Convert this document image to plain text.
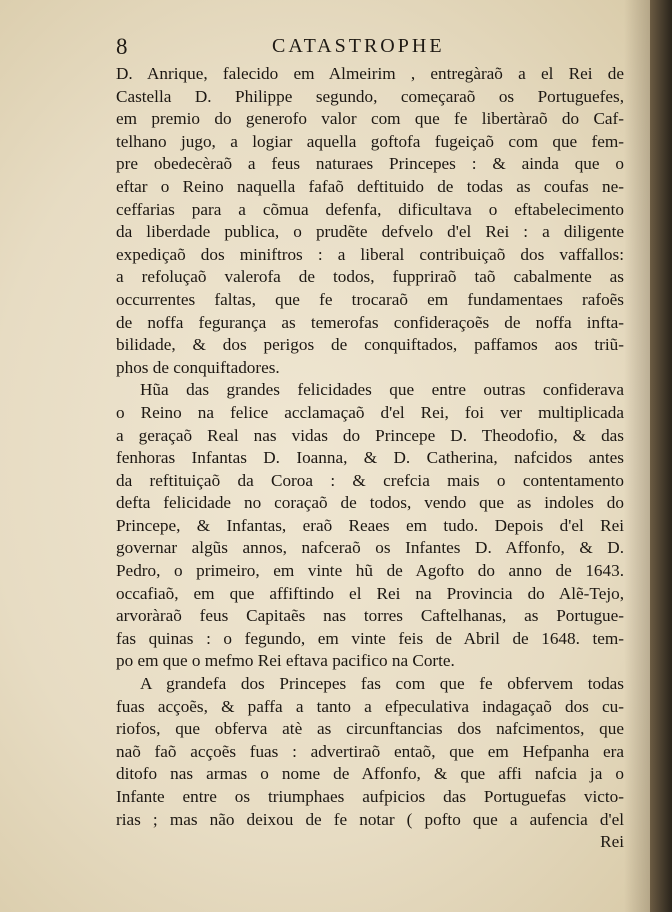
8	CATASTROPHE
D. Anrique, falecido em Almeirim , entregàraõ a el Rei de
Castella D. Philippe segundo, começaraõ os Portuguefes,
em premio do generofo valor com que fe libertàraõ do Caf-
telhano jugo, a logiar aquella goftofa fugeiçaõ com que fem-
pre obedecèraõ a feus naturaes Princepes : & ainda que o
eftar o Reino naquella fafaõ deftituido de todas as coufas ne-
ceffarias para a cõmua defenfa, dificultava o eftabelecimento
da liberdade publica, o prudẽte defvelo d'el Rei : a diligente
expediçaõ dos miniftros : a liberal contribuiçaõ dos vaffallos:
a refoluçaõ valerofa de todos, fuppriraõ taõ cabalmente as
occurrentes faltas, que fe trocaraõ em fundamentaes rafoẽs
de noffa fegurança as temerofas confideraçoẽs de noffa infta-
bilidade, & dos perigos de conquiftados, paffamos aos triũ-
phos de conquiftadores.
Hũa das grandes felicidades que entre outras confiderava
o Reino na felice acclamaçaõ d'el Rei, foi ver multiplicada
a geraçaõ Real nas vidas do Princepe D. Theodofio, & das
fenhoras Infantas D. Ioanna, & D. Catherina, nafcidos antes
da reftituiçaõ da Coroa : & crefcia mais o contentamento
defta felicidade no coraçaõ de todos, vendo que as indoles do
Princepe, & Infantas, eraõ Reaes em tudo. Depois d'el Rei
governar algũs annos, nafceraõ os Infantes D. Affonfo, & D.
Pedro, o primeiro, em vinte hũ de Agofto do anno de 1643.
occafiaõ, em que affiftindo el Rei na Provincia do Alẽ-Tejo,
arvoràraõ feus Capitaẽs nas torres Caftelhanas, as Portugue-
fas quinas : o fegundo, em vinte feis de Abril de 1648. tem-
po em que o mefmo Rei eftava pacifico na Corte.
A grandefa dos Princepes fas com que fe obfervem todas
fuas acçoẽs, & paffa a tanto a efpeculativa indagaçaõ dos cu-
riofos, que obferva atè as circunftancias dos nafcimentos, que
naõ faõ acçoẽs fuas : advertiraõ entaõ, que em Hefpanha era
ditofo nas armas o nome de Affonfo, & que affi nafcia ja o
Infante entre os triumphaes aufpicios das Portuguefas victo-
rias ; mas não deixou de fe notar ( pofto que a aufencia d'el
Rei
